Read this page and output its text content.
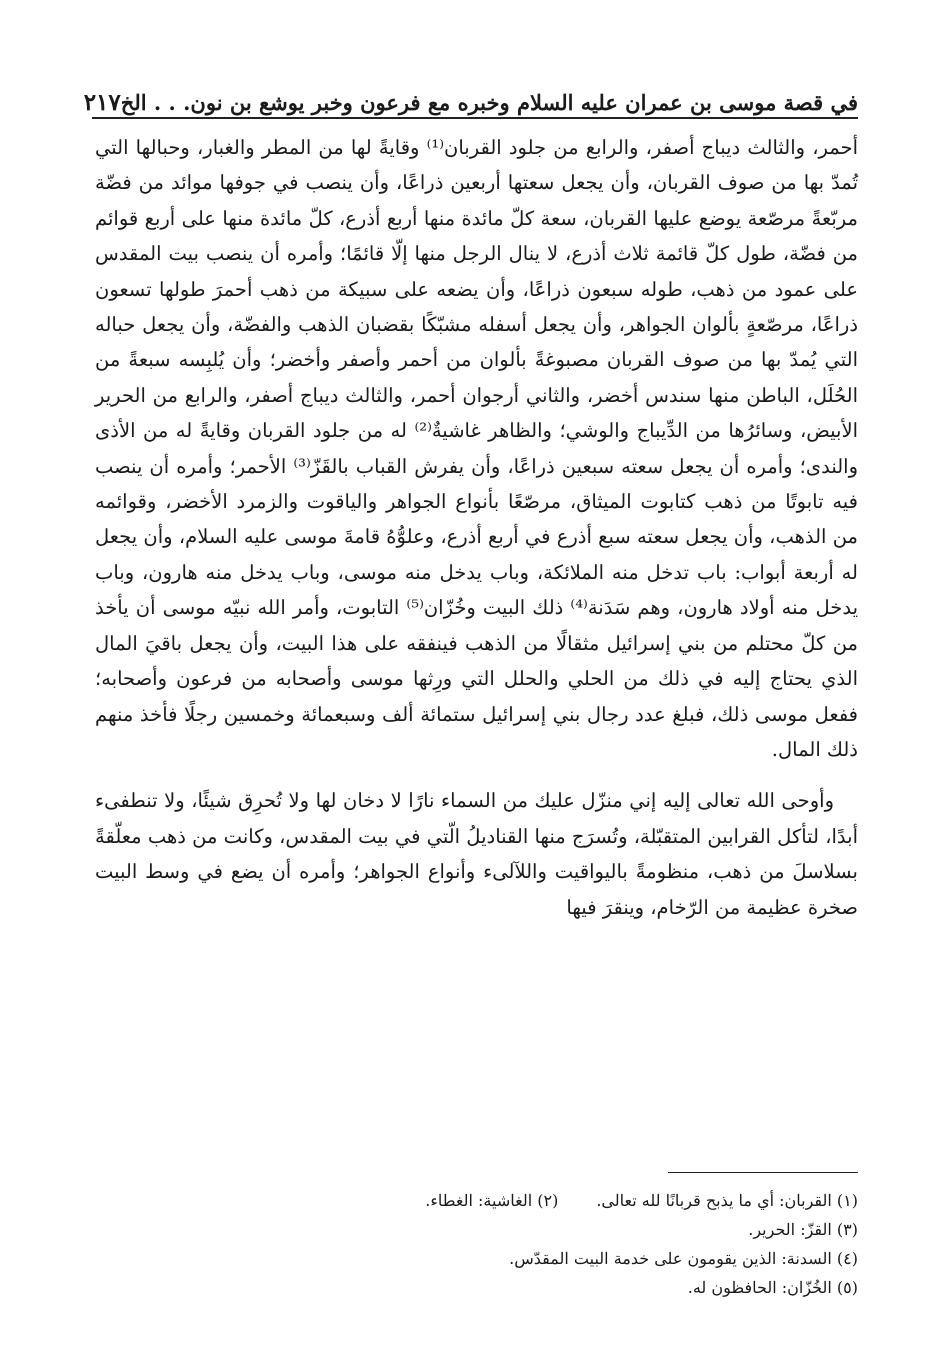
في قصة موسى بن عمران عليه السلام وخبره مع فرعون وخبر يوشع بن نون. . . الخ
٢١٧

أحمر، والثالث ديباج أصفر، والرابع من جلود القربان⁽¹⁾ وقايةً لها من المطر والغبار، وحبالها التي تُمدّ بها من صوف القربان، وأن يجعل سعتها أربعين ذراعًا، وأن ينصب في جوفها موائد من فضّة مربّعةً مرصّعة يوضع عليها القربان، سعة كلّ مائدة منها أربع أذرع، كلّ مائدة منها على أربع قوائم من فضّة، طول كلّ قائمة ثلاث أذرع، لا ينال الرجل منها إلّا قائمًا؛ وأمره أن ينصب بيت المقدس على عمود من ذهب، طوله سبعون ذراعًا، وأن يضعه على سبيكة من ذهب أحمرَ طولها تسعون ذراعًا، مرصّعةٍ بألوان الجواهر، وأن يجعل أسفله مشبّكًا بقضبان الذهب والفضّة، وأن يجعل حباله التي يُمدّ بها من صوف القربان مصبوغةً بألوان من أحمر وأصفر وأخضر؛ وأن يُلبِسه سبعةً من الحُلَل، الباطن منها سندس أخضر، والثاني أرجوان أحمر، والثالث ديباج أصفر، والرابع من الحرير الأبيض، وسائرُها من الدِّيباج والوشي؛ والظاهر غاشيةٌ⁽²⁾ له من جلود القربان وقايةً له من الأذى والندى؛ وأمره أن يجعل سعته سبعين ذراعًا، وأن يفرش القباب بالقَزّ⁽³⁾ الأحمر؛ وأمره أن ينصب فيه تابوتًا من ذهب كتابوت الميثاق، مرصّعًا بأنواع الجواهر والياقوت والزمرد الأخضر، وقوائمه من الذهب، وأن يجعل سعته سبع أذرع في أربع أذرع، وعلوُّهُ قامةَ موسى عليه السلام، وأن يجعل له أربعة أبواب: باب تدخل منه الملائكة، وباب يدخل منه موسى، وباب يدخل منه هارون، وباب يدخل منه أولاد هارون، وهم سَدَنة⁽⁴⁾ ذلك البيت وخُزّان⁽⁵⁾ التابوت، وأمر الله نبيّه موسى أن يأخذ من كلّ محتلم من بني إسرائيل مثقالًا من الذهب فينفقه على هذا البيت، وأن يجعل باقيَ المال الذي يحتاج إليه في ذلك من الحلي والحلل التي ورِثها موسى وأصحابه من فرعون وأصحابه؛ ففعل موسى ذلك، فبلغ عدد رجال بني إسرائيل ستمائة ألف وسبعمائة وخمسين رجلًا فأخذ منهم ذلك المال.

وأوحى الله تعالى إليه إني منزّل عليك من السماء نارًا لا دخان لها ولا تُحرِق شيئًا، ولا تنطفىء أبدًا، لتأكل القرابين المتقبّلة، وتُسرَج منها القناديلُ الّتي في بيت المقدس، وكانت من ذهب معلّقةً بسلاسلَ من ذهب، منظومةً باليواقيت واللآلىء وأنواع الجواهر؛ وأمره أن يضع في وسط البيت صخرة عظيمة من الرّخام، وينقرَ فيها

(١) القربان: أي ما يذبح قربانًا لله تعالى.
(٢) الغاشية: الغطاء.
(٣) القزّ: الحرير.
(٤) السدنة: الذين يقومون على خدمة البيت المقدّس.
(٥) الخُزّان: الحافظون له.
